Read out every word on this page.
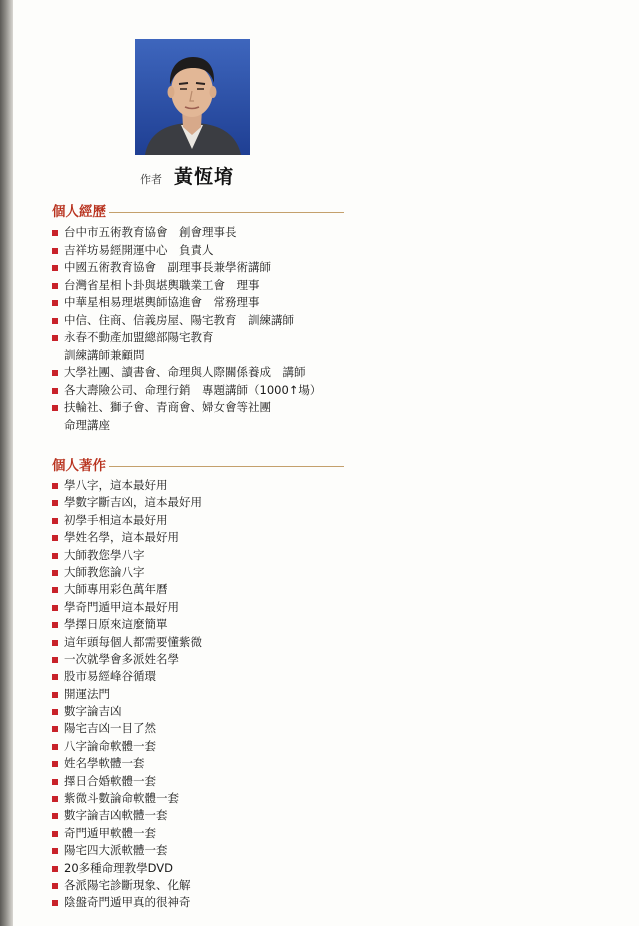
作者 黃恆堉
個人經歷
台中市五術教育協會　創會理事長
吉祥坊易經開運中心　負責人
中國五術教育協會　副理事長兼學術講師
台灣省星相卜卦與堪輿職業工會　理事
中華星相易理堪輿師協進會　常務理事
中信、住商、信義房屋、陽宅教育　訓練講師
永春不動產加盟總部陽宅教育
訓練講師兼顧問
大學社團、讀書會、命理與人際關係養成　講師
各大壽險公司、命理行銷　專題講師（1000↑場）
扶輪社、獅子會、青商會、婦女會等社團
命理講座
個人著作
學八字，這本最好用
學數字斷吉凶，這本最好用
初學手相這本最好用
學姓名學，這本最好用
大師教您學八字
大師教您論八字
大師專用彩色萬年曆
學奇門遁甲這本最好用
學擇日原來這麼簡單
這年頭每個人都需要懂紫微
一次就學會多派姓名學
股市易經峰谷循環
開運法門
數字論吉凶
陽宅吉凶一目了然
八字論命軟體一套
姓名學軟體一套
擇日合婚軟體一套
紫微斗數論命軟體一套
數字論吉凶軟體一套
奇門遁甲軟體一套
陽宅四大派軟體一套
20多種命理教學DVD
各派陽宅診斷現象、化解
陰盤奇門遁甲真的很神奇
